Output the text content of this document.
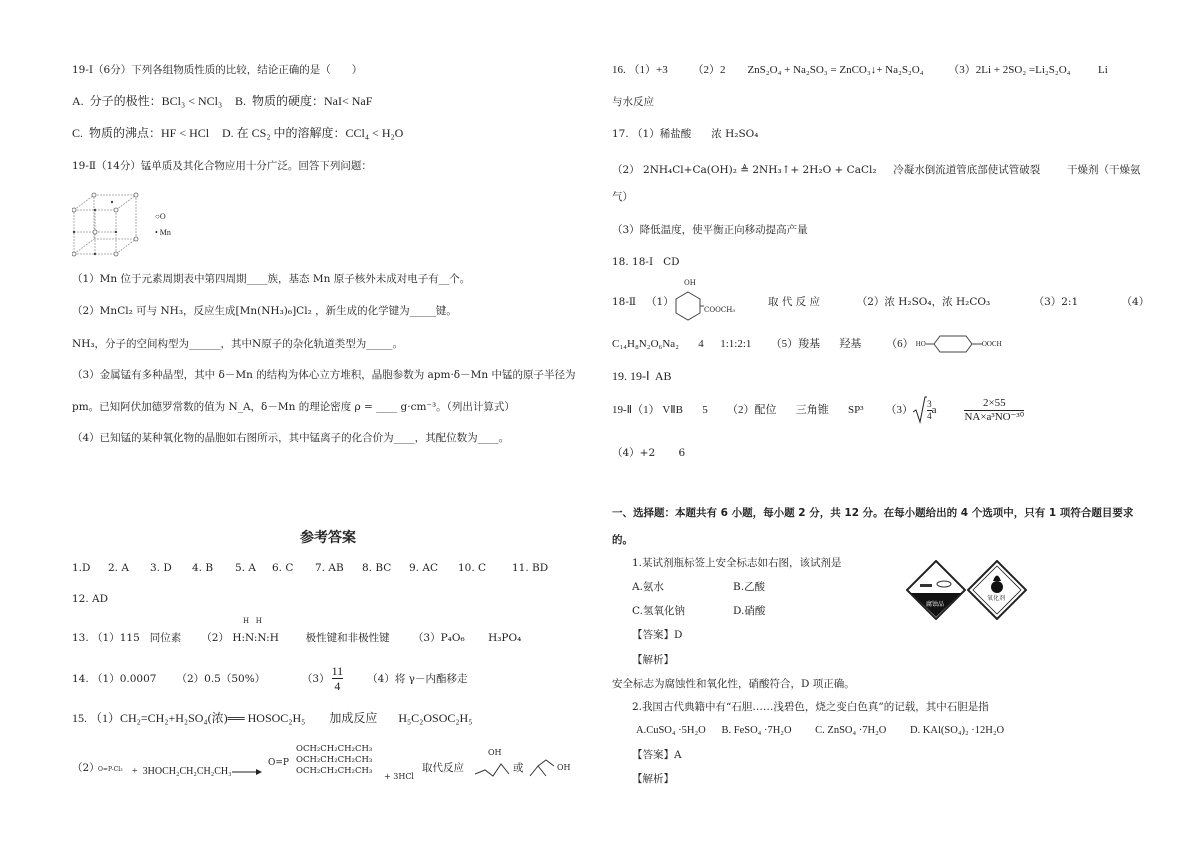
19-Ⅰ（6分）下列各组物质性质的比较，结论正确的是（　　）
A.  分子的极性：BCl₃ < NCl₃ B.  物质的硬度：NaI< NaF
C.  物质的沸点：HF < HCl D. 在 CS₂ 中的溶解度：CCl₄ < H₂O
19-Ⅱ（14分）锰单质及其化合物应用十分广泛。回答下列问题：
○O
• Mn
（1）Mn 位于元素周期表中第四周期____族，基态 Mn 原子核外未成对电子有__个。
（2）MnCl₂ 可与 NH₃，反应生成[Mn(NH₃)₆]Cl₂ ，新生成的化学键为_____键。
NH₃，分子的空间构型为______，其中N原子的杂化轨道类型为_____。
（3）金属锰有多种晶型，其中 δ－Mn 的结构为体心立方堆积，晶胞参数为 apm·δ－Mn 中锰的原子半径为
pm。已知阿伏加德罗常数的值为 N_A，δ－Mn 的理论密度 ρ = ____ g·cm⁻³。（列出计算式）
（4）已知锰的某种氧化物的晶胞如右图所示，其中锰离子的化合价为____，其配位数为____。
参考答案
1.D 2. A 3. D 4. B 5. A 6. C 7. AB 8. BC 9. AC 10. C 11. BD
12. AD
H   H
13. （1）115   同位素      （2） H:N:N:H        极性键和非极性键       （3）P₄O₆       H₃PO₄
14. （1）0.0007      （2）0.5（50%）           $(3) \frac{11}{4} (4)$将 γ－内酯移走
15. （1）CH₂=CH₂+H₂SO₄(浓)══ HOSOC₂H₅        加成反应       H₅C₂OSOC₂H₅
（2）
O=P-Cl₃ +  3HOCH₂CH₂CH₂CH₃
O=P
OCH₂CH₂CH₂CH₃
OCH₂CH₂CH₂CH₃
OCH₂CH₂CH₂CH₃
+ 3HCl
取代反应
OH
或	OH
16. （1）+3         （2）2        ZnS₂O₄ + Na₂SO₃ = ZnCO₃↓+ Na₂S₂O₄         （3）2Li + 2SO₂ =Li₂S₂O₄          Li
与水反应
17. （1）稀盐酸      浓 H₂SO₄
（2） 2NH₄Cl+Ca(OH)₂ ≜ 2NH₃↑+ 2H₂O + CaCl₂     冷凝水倒流道管底部使试管破裂        干燥剂（干燥氨
气）
（3）降低温度，使平衡正向移动提高产量
18. 18-Ⅰ   CD
18-Ⅱ   （1）
OH
COOCH₃
取 代 反 应           （2）浓 H₂SO₄，浓 H₂CO₃             （3）2:1             （4）
C₁₄H₈N₂O₆Na₂       4      1:1:2:1       （5）羧基       羟基         （6） HO	OOCH
19. 19-Ⅰ  AB
19-Ⅱ（1） VⅡB       5       （2）配位       三角锥       SP³        $(3) \frac{3}{4}$ a	$\frac{2\times 55}{\text{NA×a³NO⁻³⁰}}$
（4）+2       6
一、选择题：本题共有 6 小题，每小题 2 分，共 12 分。在每小题给出的 4 个选项中，只有 1 项符合题目要求
的。
1.某试剂瓶标签上安全标志如右图，该试剂是
A.氨水	B.乙酸
C.氢氧化钠	D.硝酸
【答案】D
【解析】
腐蚀品
氧化剂
安全标志为腐蚀性和氧化性，硝酸符合，D 项正确。
2.我国古代典籍中有“石胆……浅碧色，烧之变白色真”的记载，其中石胆是指
A.CuSO₄ ·5H₂O      B. FeSO₄ ·7H₂O         C. ZnSO₄ ·7H₂O         D. KAl(SO₄)₂ ·12H₂O
【答案】A
【解析】
